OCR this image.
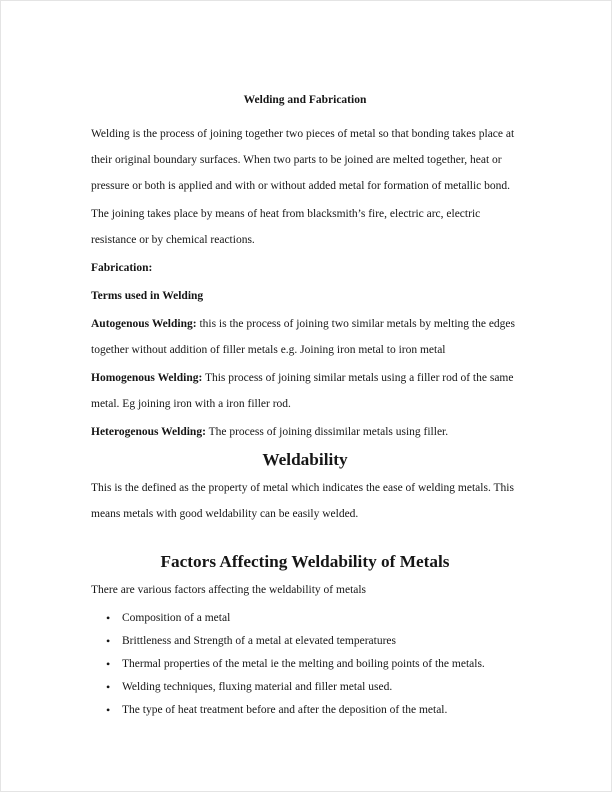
Welding and Fabrication

Welding is the process of joining together two pieces of metal so that bonding takes place at their original boundary surfaces. When two parts to be joined are melted together, heat or pressure or both is applied and with or without added metal for formation of metallic bond.

The joining takes place by means of heat from blacksmith’s fire, electric arc, electric resistance or by chemical reactions.

Fabrication:

Terms used in Welding

Autogenous Welding: this is the process of joining two similar metals by melting the edges together without addition of filler metals e.g. Joining iron metal to iron metal

Homogenous Welding: This process of joining similar metals using a filler rod of the same metal. Eg joining iron with a iron filler rod.

Heterogenous Welding: The process of joining dissimilar metals using filler.

Weldability

This is the defined as the property of metal which indicates the ease of welding metals. This means metals with good weldability can be easily welded.

Factors Affecting Weldability of Metals

There are various factors affecting the weldability of metals

• Composition of a metal
• Brittleness and Strength of a metal at elevated temperatures
• Thermal properties of the metal ie the melting and boiling points of the metals.
• Welding techniques, fluxing material and filler metal used.
• The type of heat treatment before and after the deposition of the metal.
